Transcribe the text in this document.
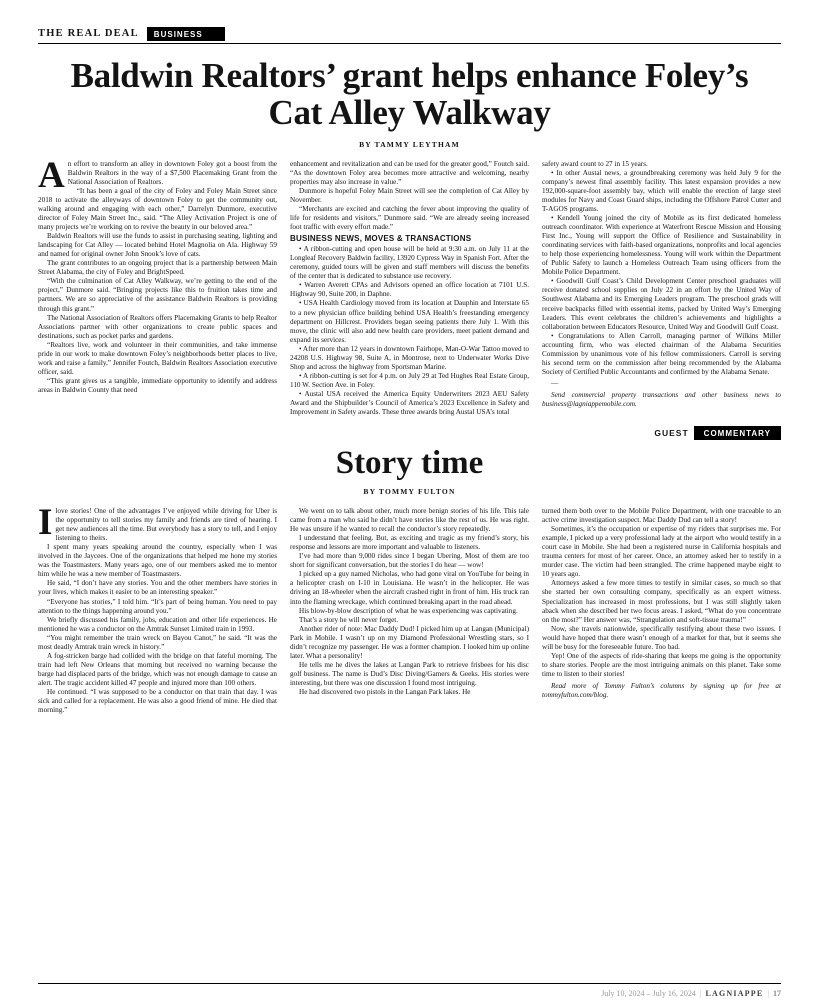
THE REAL DEAL	BUSINESS
Baldwin Realtors’ grant helps enhance Foley’s Cat Alley Walkway
BY TAMMY LEYTHAM

An effort to transform an alley in downtown Foley got a boost from the Baldwin Realtors in the way of a $7,500 Placemaking Grant from the National Association of Realtors.

“It has been a goal of the city of Foley and Foley Main Street since 2018 to activate the alleyways of downtown Foley to get the community out, walking around and engaging with each other,” Darrelyn Dunmore, executive director of Foley Main Street Inc., said. “The Alley Activation Project is one of many projects we’re working on to revive the beauty in our beloved area.”

Baldwin Realtors will use the funds to assist in purchasing seating, lighting and landscaping for Cat Alley — located behind Hotel Magnolia on Ala. Highway 59 and named for original owner John Snook’s love of cats.

The grant contributes to an ongoing project that is a partnership between Main Street Alabama, the city of Foley and BrightSpeed.

“With the culmination of Cat Alley Walkway, we’re getting to the end of the project,” Dunmore said. “Bringing projects like this to fruition takes time and partners. We are so appreciative of the assistance Baldwin Realtors is providing through this grant.”

The National Association of Realtors offers Placemaking Grants to help Realtor Associations partner with other organizations to create public spaces and destinations, such as pocket parks and gardens.

“Realtors live, work and volunteer in their communities, and take immense pride in our work to make downtown Foley’s neighborhoods better places to live, work and raise a family,” Jennifer Foutch, Baldwin Realtors Association executive officer, said.

“This grant gives us a tangible, immediate opportunity to identify and address areas in Baldwin County that need

enhancement and revitalization and can be used for the greater good,” Foutch said. “As the downtown Foley area becomes more attractive and welcoming, nearby properties may also increase in value.”

Dunmore is hopeful Foley Main Street will see the completion of Cat Alley by November.

“Merchants are excited and catching the fever about improving the quality of life for residents and visitors,” Dunmore said. “We are already seeing increased foot traffic with every effort made.”

BUSINESS NEWS, MOVES & TRANSACTIONS

• A ribbon-cutting and open house will be held at 9:30 a.m. on July 11 at the Longleaf Recovery Baldwin facility, 13920 Cypress Way in Spanish Fort. After the ceremony, guided tours will be given and staff members will discuss the benefits of the center that is dedicated to substance use recovery.

• Warren Averett CPAs and Advisors opened an office location at 7101 U.S. Highway 90, Suite 200, in Daphne.

• USA Health Cardiology moved from its location at Dauphin and Interstate 65 to a new physician office building behind USA Health’s freestanding emergency department on Hillcrest. Providers began seeing patients there July 1. With this move, the clinic will also add new health care providers, meet patient demand and expand its services.

• After more than 12 years in downtown Fairhope, Man-O-War Tattoo moved to 24208 U.S. Highway 98, Suite A, in Montrose, next to Underwater Works Dive Shop and across the highway from Sportsman Marine.

• A ribbon-cutting is set for 4 p.m. on July 29 at Ted Hughes Real Estate Group, 110 W. Section Ave. in Foley.

• Austal USA received the America Equity Underwriters 2023 AEU Safety Award and the Shipbuilder’s Council of America’s 2023 Excellence in Safety and Improvement in Safety awards. These three awards bring Austal USA’s total

safety award count to 27 in 15 years.

• In other Austal news, a groundbreaking ceremony was held July 9 for the company’s newest final assembly facility. This latest expansion provides a new 192,000-square-foot assembly bay, which will enable the erection of large steel modules for Navy and Coast Guard ships, including the Offshore Patrol Cutter and T-AGOS programs.

• Kendell Young joined the city of Mobile as its first dedicated homeless outreach coordinator. With experience at Waterfront Rescue Mission and Housing First Inc., Young will support the Office of Resilience and Sustainability in coordinating services with faith-based organizations, nonprofits and local agencies to help those experiencing homelessness. Young will work within the Department of Public Safety to launch a Homeless Outreach Team using officers from the Mobile Police Department.

• Goodwill Gulf Coast’s Child Development Center preschool graduates will receive donated school supplies on July 22 in an effort by the United Way of Southwest Alabama and its Emerging Leaders program. The preschool grads will receive backpacks filled with essential items, packed by United Way’s Emerging Leaders. This event celebrates the children’s achievements and highlights a collaboration between Educators Resource, United Way and Goodwill Gulf Coast.

• Congratulations to Allen Carroll, managing partner of Wilkins Miller accounting firm, who was elected chairman of the Alabama Securities Commission by unanimous vote of his fellow commissioners. Carroll is serving his second term on the commission after being recommended by the Alabama Society of Certified Public Accountants and confirmed by the Alabama Senate.

—

Send commercial property transactions and other business news to business@lagniappemobile.com.

GUEST	COMMENTARY
Story time
BY TOMMY FULTON

Ilove stories! One of the advantages I’ve enjoyed while driving for Uber is the opportunity to tell stories my family and friends are tired of hearing. I get new audiences all the time. But everybody has a story to tell, and I enjoy listening to theirs.

I spent many years speaking around the country, especially when I was involved in the Jaycees. One of the organizations that helped me hone my stories was the Toastmasters. Many years ago, one of our members asked me to mentor him while he was a new member of Toastmasters.

He said, “I don’t have any stories. You and the other members have stories in your lives, which makes it easier to be an interesting speaker.”

“Everyone has stories,” I told him. “It’s part of being human. You need to pay attention to the things happening around you.”

We briefly discussed his family, jobs, education and other life experiences. He mentioned he was a conductor on the Amtrak Sunset Limited train in 1993.

“You might remember the train wreck on Bayou Canot,” he said. “It was the most deadly Amtrak train wreck in history.”

A fog-stricken barge had collided with the bridge on that fateful morning. The train had left New Orleans that morning but received no warning because the barge had displaced parts of the bridge, which was not enough damage to cause an alert. The tragic accident killed 47 people and injured more than 100 others.

He continued. “I was supposed to be a conductor on that train that day. I was sick and called for a replacement. He was also a good friend of mine. He died that morning.”

We went on to talk about other, much more benign stories of his life. This tale came from a man who said he didn’t have stories like the rest of us. He was right. He was unsure if he wanted to recall the conductor’s story repeatedly.

I understand that feeling. But, as exciting and tragic as my friend’s story, his response and lessons are more important and valuable to listeners.

I’ve had more than 9,000 rides since I began Ubering. Most of them are too short for significant conversation, but the stories I do hear — wow!

I picked up a guy named Nicholas, who had gone viral on YouTube for being in a helicopter crash on I-10 in Louisiana. He wasn’t in the helicopter. He was driving an 18-wheeler when the aircraft crashed right in front of him. His truck ran into the flaming wreckage, which continued breaking apart in the road ahead.

His blow-by-blow description of what he was experiencing was captivating.

That’s a story he will never forget.

Another rider of note: Mac Daddy Dud! I picked him up at Langan (Municipal) Park in Mobile. I wasn’t up on my Diamond Professional Wrestling stars, so I didn’t recognize my passenger. He was a former champion. I looked him up online later. What a personality!

He tells me he dives the lakes at Langan Park to retrieve frisbees for his disc golf business. The name is Dud’s Disc Diving/Gamers & Geeks. His stories were interesting, but there was one discussion I found most intriguing.

He had discovered two pistols in the Langan Park lakes. He

turned them both over to the Mobile Police Department, with one traceable to an active crime investigation suspect. Mac Daddy Dud can tell a story!

Sometimes, it’s the occupation or expertise of my riders that surprises me. For example, I picked up a very professional lady at the airport who would testify in a court case in Mobile. She had been a registered nurse in California hospitals and trauma centers for most of her career. Once, an attorney asked her to testify in a murder case. The victim had been strangled. The crime happened maybe eight to 10 years ago.

Attorneys asked a few more times to testify in similar cases, so much so that she started her own consulting company, specifically as an expert witness. Specialization has increased in most professions, but I was still slightly taken aback when she described her two focus areas. I asked, “What do you concentrate on the most?” Her answer was, “Strangulation and soft-tissue trauma!”

Now, she travels nationwide, specifically testifying about these two issues. I would have hoped that there wasn’t enough of a market for that, but it seems she will be busy for the foreseeable future. Too bad.

Yep! One of the aspects of ride-sharing that keeps me going is the opportunity to share stories. People are the most intriguing animals on this planet. Take some time to listen to their stories!

Read more of Tommy Fulton’s columns by signing up for free at tommyfulton.com/blog.

July 10, 2024 – July 16, 2024 | LAGNIAPPE | 17
